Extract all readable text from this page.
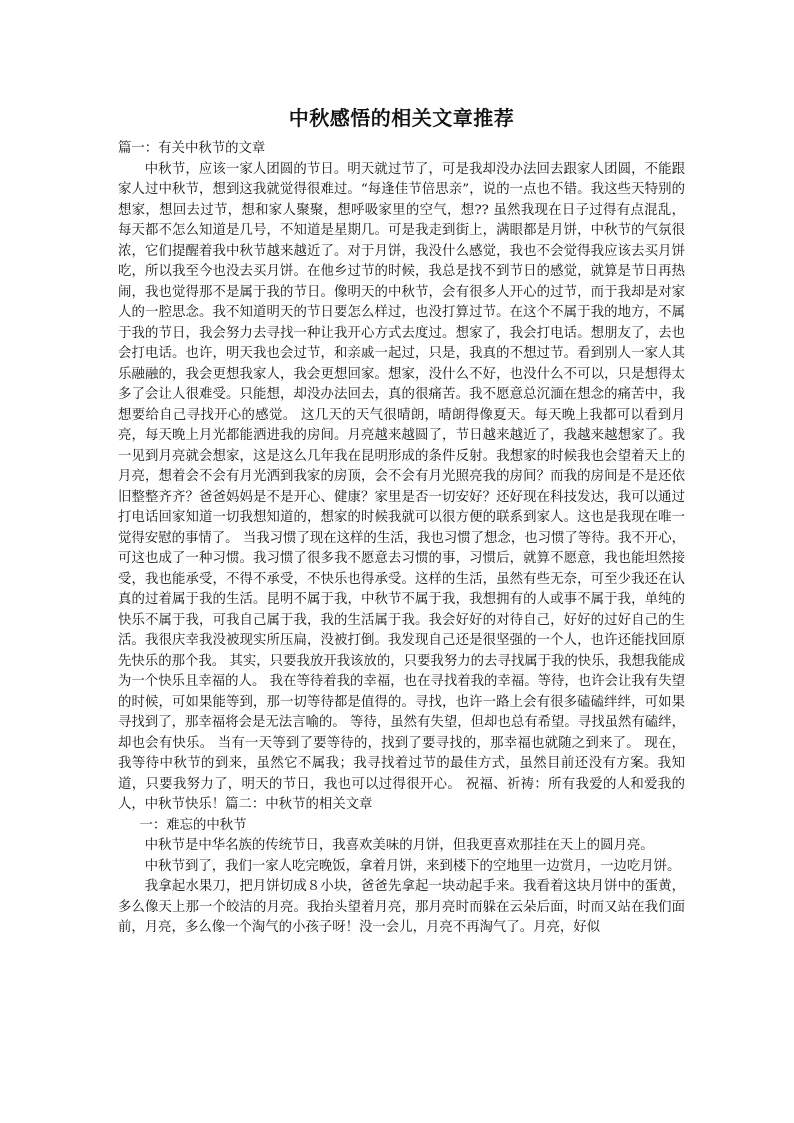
中秋感悟的相关文章推荐

篇一：有关中秋节的文章

中秋节，应该一家人团圆的节日。明天就过节了，可是我却没办法回去跟家人团圆，不能跟家人过中秋节，想到这我就觉得很难过。“每逢佳节倍思亲”，说的一点也不错。我这些天特别的想家，想回去过节，想和家人聚聚，想呼吸家里的空气，想?? 虽然我现在日子过得有点混乱，每天都不怎么知道是几号，不知道是星期几。可是我走到街上，满眼都是月饼，中秋节的气氛很浓，它们提醒着我中秋节越来越近了。对于月饼，我没什么感觉，我也不会觉得我应该去买月饼吃，所以我至今也没去买月饼。在他乡过节的时候，我总是找不到节日的感觉，就算是节日再热闹，我也觉得那不是属于我的节日。像明天的中秋节，会有很多人开心的过节，而于我却是对家人的一腔思念。我不知道明天的节日要怎么样过，也没打算过节。在这个不属于我的地方，不属于我的节日，我会努力去寻找一种让我开心方式去度过。想家了，我会打电话。想朋友了，去也会打电话。也许，明天我也会过节，和亲戚一起过，只是，我真的不想过节。看到别人一家人其乐融融的，我会更想我家人，我会更想回家。想家，没什么不好，也没什么不可以，只是想得太多了会让人很难受。只能想，却没办法回去，真的很痛苦。我不愿意总沉湎在想念的痛苦中，我想要给自己寻找开心的感觉。 这几天的天气很晴朗，晴朗得像夏天。每天晚上我都可以看到月亮，每天晚上月光都能洒进我的房间。月亮越来越圆了，节日越来越近了，我越来越想家了。我一见到月亮就会想家，这是这么几年我在昆明形成的条件反射。我想家的时候我也会望着天上的月亮，想着会不会有月光洒到我家的房顶，会不会有月光照亮我的房间？而我的房间是不是还依旧整整齐齐？爸爸妈妈是不是开心、健康？家里是否一切安好？还好现在科技发达，我可以通过打电话回家知道一切我想知道的，想家的时候我就可以很方便的联系到家人。这也是我现在唯一觉得安慰的事情了。 当我习惯了现在这样的生活，我也习惯了想念，也习惯了等待。我不开心，可这也成了一种习惯。我习惯了很多我不愿意去习惯的事，习惯后，就算不愿意，我也能坦然接受，我也能承受，不得不承受，不快乐也得承受。这样的生活，虽然有些无奈，可至少我还在认真的过着属于我的生活。昆明不属于我，中秋节不属于我，我想拥有的人或事不属于我，单纯的快乐不属于我，可我自己属于我，我的生活属于我。我会好好的对待自己，好好的过好自己的生活。我很庆幸我没被现实所压扁，没被打倒。我发现自己还是很坚强的一个人，也许还能找回原先快乐的那个我。 其实，只要我放开我该放的，只要我努力的去寻找属于我的快乐，我想我能成为一个快乐且幸福的人。 我在等待着我的幸福，也在寻找着我的幸福。等待，也许会让我有失望的时候，可如果能等到，那一切等待都是值得的。寻找，也许一路上会有很多磕磕绊绊，可如果寻找到了，那幸福将会是无法言喻的。 等待，虽然有失望，但却也总有希望。寻找虽然有磕绊，却也会有快乐。 当有一天等到了要等待的，找到了要寻找的，那幸福也就随之到来了。 现在，我等待中秋节的到来，虽然它不属我；我寻找着过节的最佳方式，虽然目前还没有方案。我知道，只要我努力了，明天的节日，我也可以过得很开心。 祝福、祈祷：所有我爱的人和爱我的人，中秋节快乐！篇二：中秋节的相关文章

一：难忘的中秋节

中秋节是中华名族的传统节日，我喜欢美味的月饼，但我更喜欢那挂在天上的圆月亮。

中秋节到了，我们一家人吃完晚饭，拿着月饼，来到楼下的空地里一边赏月，一边吃月饼。

我拿起水果刀，把月饼切成８小块，爸爸先拿起一块动起手来。我看着这块月饼中的蛋黄，多么像天上那一个皎洁的月亮。我抬头望着月亮，那月亮时而躲在云朵后面，时而又站在我们面前，月亮，多么像一个淘气的小孩子呀！没一会儿，月亮不再淘气了。月亮，好似
